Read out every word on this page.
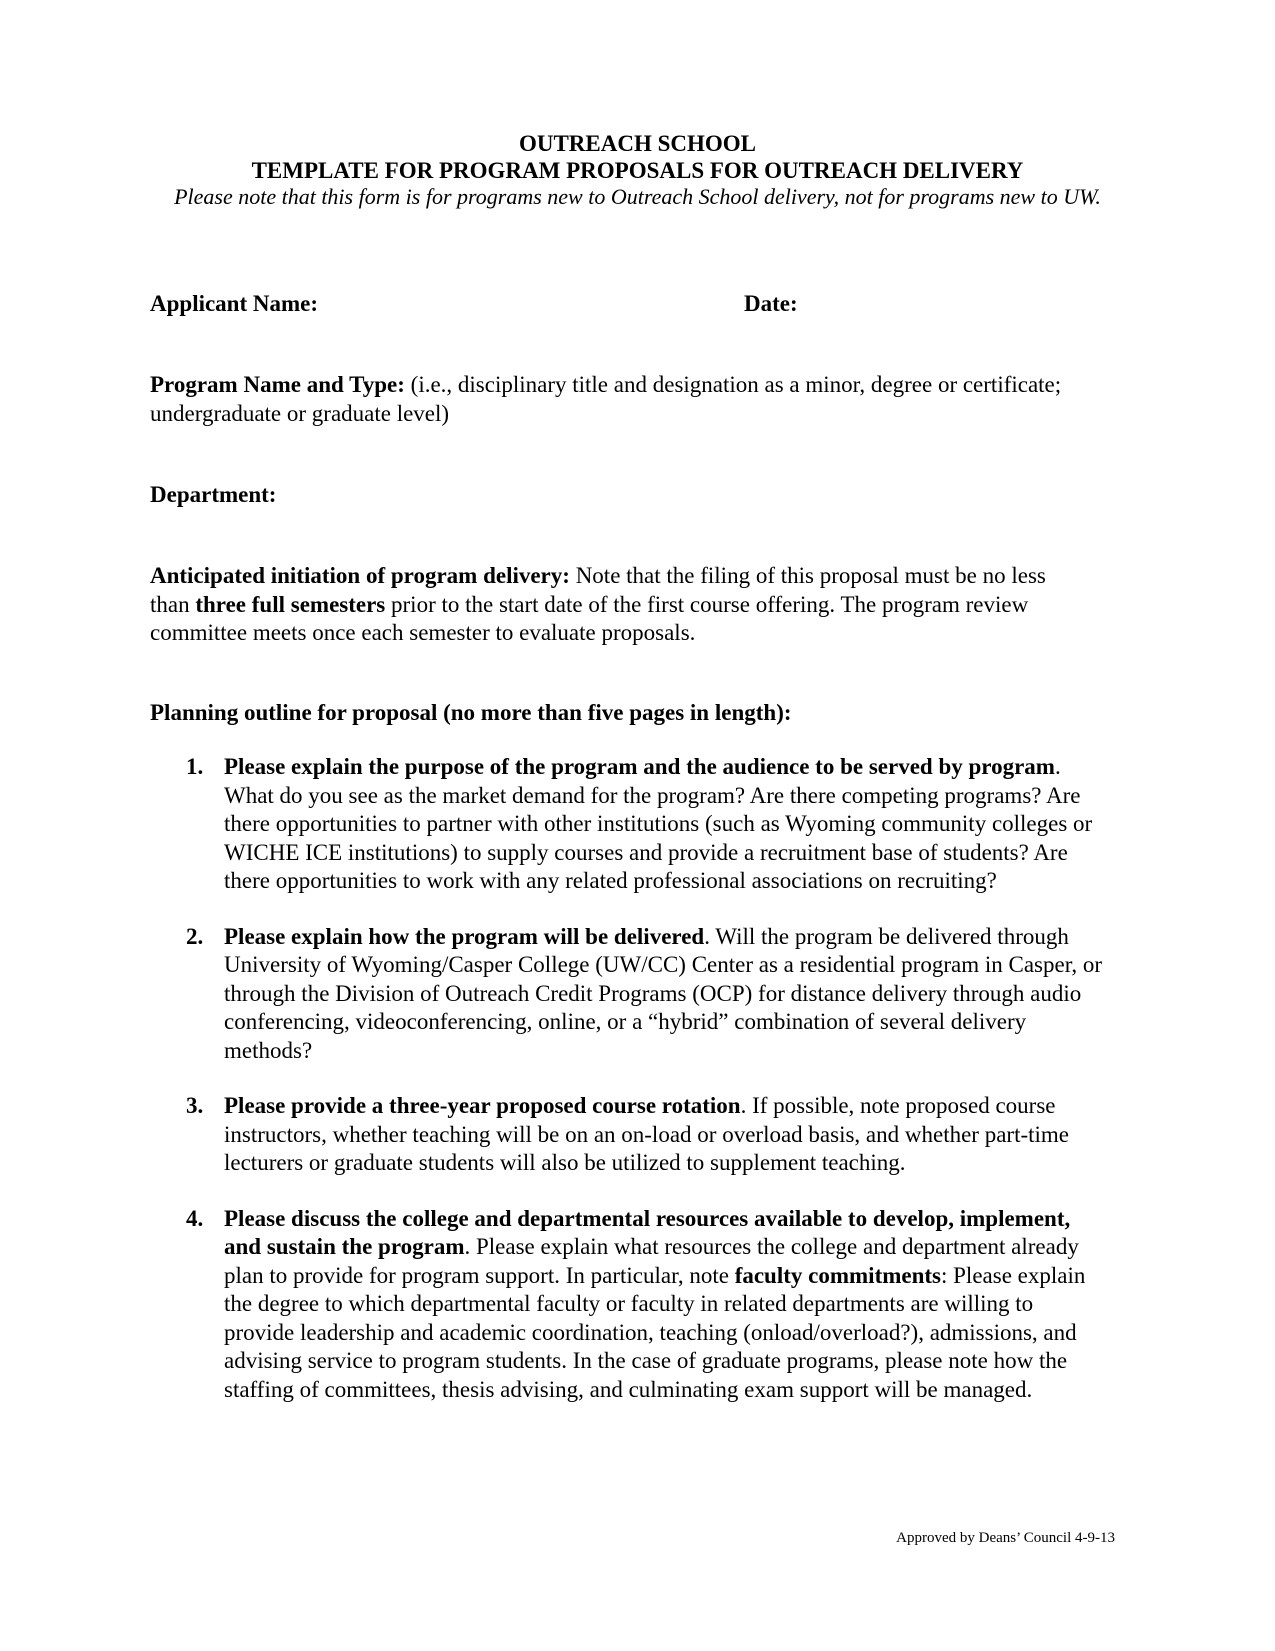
OUTREACH SCHOOL
TEMPLATE FOR PROGRAM PROPOSALS FOR OUTREACH DELIVERY
Please note that this form is for programs new to Outreach School delivery, not for programs new to UW.
Applicant Name:	Date:
Program Name and Type: (i.e., disciplinary title and designation as a minor, degree or certificate; undergraduate or graduate level)
Department:
Anticipated initiation of program delivery: Note that the filing of this proposal must be no less than three full semesters prior to the start date of the first course offering. The program review committee meets once each semester to evaluate proposals.
Planning outline for proposal (no more than five pages in length):
1. Please explain the purpose of the program and the audience to be served by program. What do you see as the market demand for the program? Are there competing programs? Are there opportunities to partner with other institutions (such as Wyoming community colleges or WICHE ICE institutions) to supply courses and provide a recruitment base of students? Are there opportunities to work with any related professional associations on recruiting?
2. Please explain how the program will be delivered. Will the program be delivered through University of Wyoming/Casper College (UW/CC) Center as a residential program in Casper, or through the Division of Outreach Credit Programs (OCP) for distance delivery through audio conferencing, videoconferencing, online, or a “hybrid” combination of several delivery methods?
3. Please provide a three-year proposed course rotation. If possible, note proposed course instructors, whether teaching will be on an on-load or overload basis, and whether part-time lecturers or graduate students will also be utilized to supplement teaching.
4. Please discuss the college and departmental resources available to develop, implement, and sustain the program. Please explain what resources the college and department already plan to provide for program support. In particular, note faculty commitments: Please explain the degree to which departmental faculty or faculty in related departments are willing to provide leadership and academic coordination, teaching (onload/overload?), admissions, and advising service to program students. In the case of graduate programs, please note how the staffing of committees, thesis advising, and culminating exam support will be managed.
Approved by Deans’ Council 4-9-13
